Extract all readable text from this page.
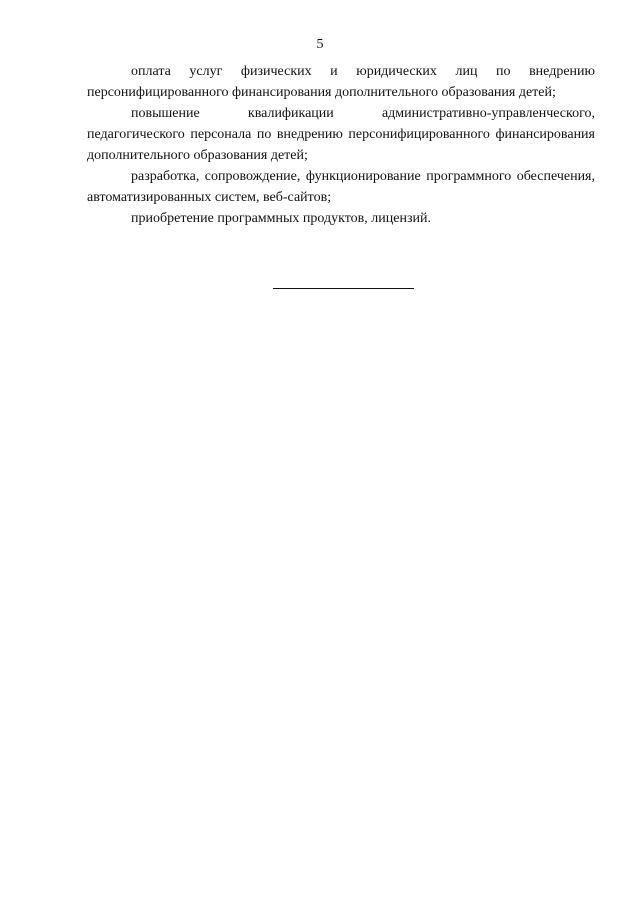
5

оплата услуг физических и юридических лиц по внедрению персонифицированного финансирования дополнительного образования детей;

повышение квалификации административно-управленческого, педагогического персонала по внедрению персонифицированного финансирования дополнительного образования детей;

разработка, сопровождение, функционирование программного обеспечения, автоматизированных систем, веб-сайтов;

приобретение программных продуктов, лицензий.
